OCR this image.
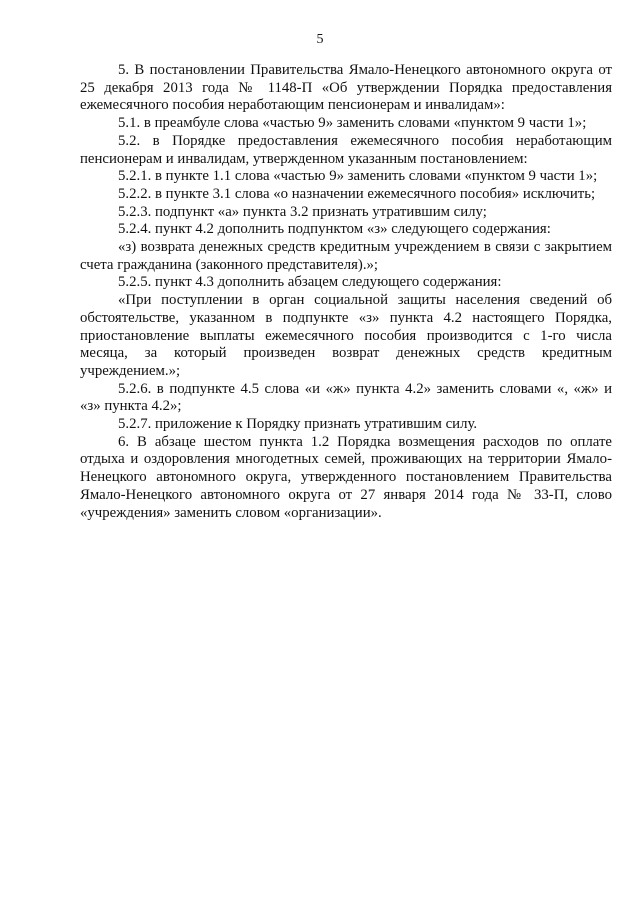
5

5. В постановлении Правительства Ямало-Ненецкого автономного округа от 25 декабря 2013 года № 1148-П «Об утверждении Порядка предоставления ежемесячного пособия неработающим пенсионерам и инвалидам»:

5.1. в преамбуле слова «частью 9» заменить словами «пунктом 9 части 1»;

5.2. в Порядке предоставления ежемесячного пособия неработающим пенсионерам и инвалидам, утвержденном указанным постановлением:

5.2.1. в пункте 1.1 слова «частью 9» заменить словами «пунктом 9 части 1»;

5.2.2. в пункте 3.1 слова «о назначении ежемесячного пособия» исключить;

5.2.3. подпункт «а» пункта 3.2 признать утратившим силу;

5.2.4. пункт 4.2 дополнить подпунктом «з» следующего содержания:

«з) возврата денежных средств кредитным учреждением в связи с закрытием счета гражданина (законного представителя).»;

5.2.5. пункт 4.3 дополнить абзацем следующего содержания:

«При поступлении в орган социальной защиты населения сведений об обстоятельстве, указанном в подпункте «з» пункта 4.2 настоящего Порядка, приостановление выплаты ежемесячного пособия производится с 1-го числа месяца, за который произведен возврат денежных средств кредитным учреждением.»;

5.2.6. в подпункте 4.5 слова «и «ж» пункта 4.2» заменить словами «, «ж» и «з» пункта 4.2»;

5.2.7. приложение к Порядку признать утратившим силу.

6. В абзаце шестом пункта 1.2 Порядка возмещения расходов по оплате отдыха и оздоровления многодетных семей, проживающих на территории Ямало-Ненецкого автономного округа, утвержденного постановлением Правительства Ямало-Ненецкого автономного округа от 27 января 2014 года № 33-П, слово «учреждения» заменить словом «организации».
